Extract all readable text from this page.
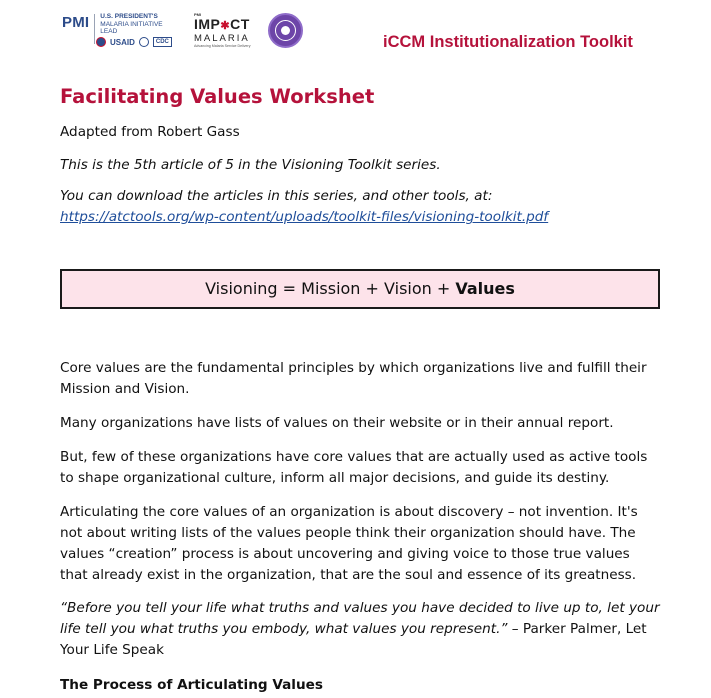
PMI U.S. PRESIDENT'S
MALARIA INITIATIVE
LEAD
USAID	CDC
PMI
IMP✱CT
MALARIA
Advancing Malaria Service Delivery	iCCM Institutionalization Toolkit
Facilitating Values Workshet

Adapted from Robert Gass

This is the 5th article of 5 in the Visioning Toolkit series.

You can download the articles in this series, and other tools, at:
https://atctools.org/wp-content/uploads/toolkit-files/visioning-toolkit.pdf

Visioning = Mission + Vision + Values

Core values are the fundamental principles by which organizations live and fulfill their Mission and Vision.

Many organizations have lists of values on their website or in their annual report.

But, few of these organizations have core values that are actually used as active tools to shape organizational culture, inform all major decisions, and guide its destiny.

Articulating the core values of an organization is about discovery – not invention. It's not about writing lists of the values people think their organization should have. The values “creation” process is about uncovering and giving voice to those true values that already exist in the organization, that are the soul and essence of its greatness.

“Before you tell your life what truths and values you have decided to live up to, let your life tell you what truths you embody, what values you represent.” – Parker Palmer, Let Your Life Speak

The Process of Articulating Values
